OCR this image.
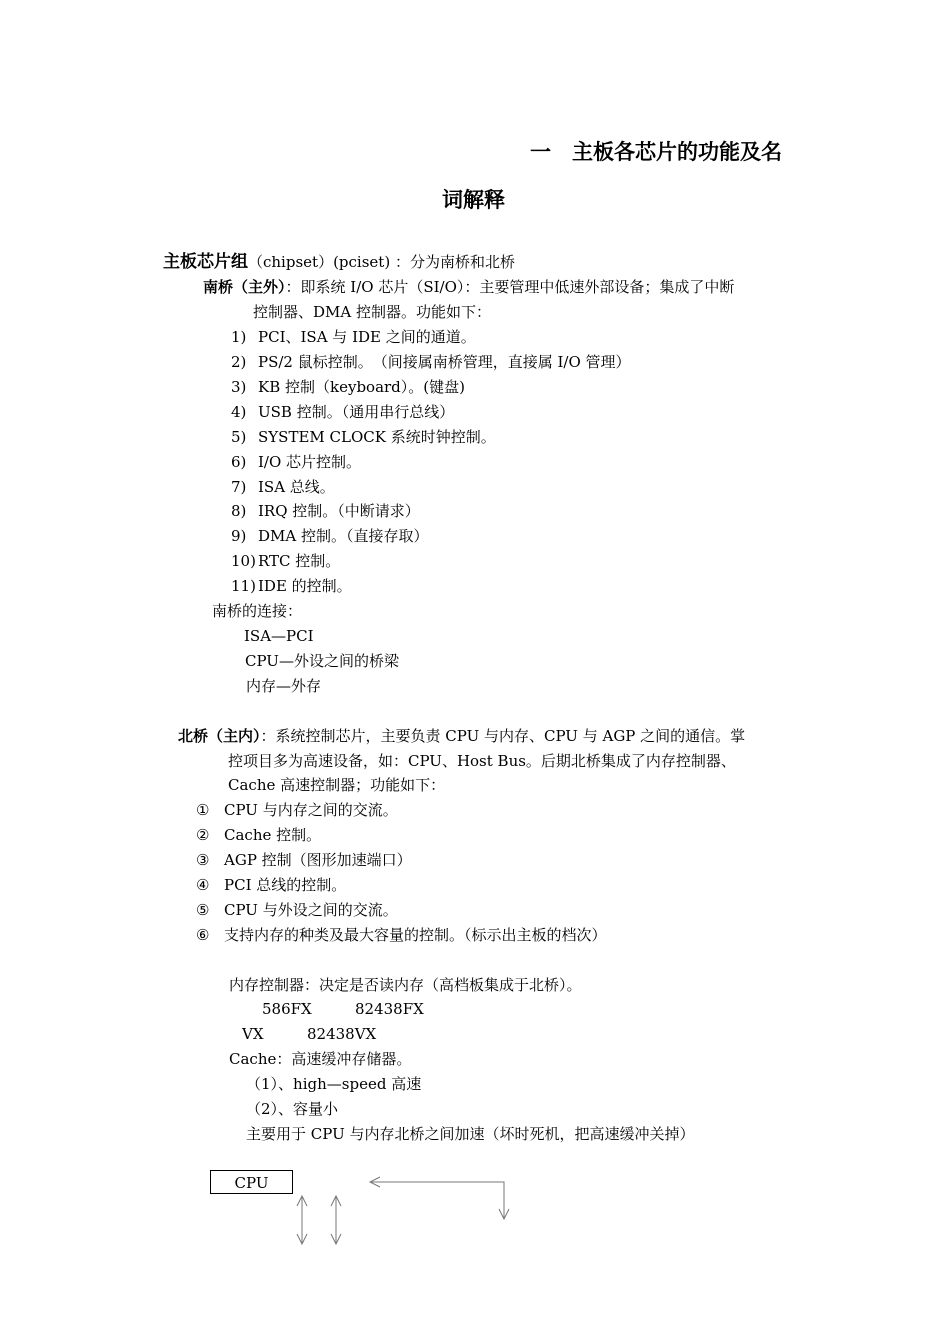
一　主板各芯片的功能及名
词解释
主板芯片组（chipset）(pciset) ：分为南桥和北桥
南桥（主外）：即系统 I/O 芯片（SI/O）：主要管理中低速外部设备；集成了中断
控制器、DMA 控制器。功能如下：
1) PCI、ISA 与 IDE 之间的通道。
2) PS/2 鼠标控制。　（间接属南桥管理，直接属 I/O 管理）
3) KB 控制（keyboard）。(键盘)
4) USB 控制。（通用串行总线）
5) SYSTEM CLOCK 系统时钟控制。
6) I/O 芯片控制。
7) ISA 总线。
8) IRQ 控制。（中断请求）
9) DMA 控制。（直接存取）
10) RTC 控制。
11) IDE 的控制。
南桥的连接：
ISA—PCI
CPU—外设之间的桥梁
内存—外存
北桥（主内）：系统控制芯片，主要负责 CPU 与内存、CPU 与 AGP 之间的通信。掌
控项目多为高速设备，如：CPU、Host Bus。后期北桥集成了内存控制器、
Cache 高速控制器；功能如下：
① CPU 与内存之间的交流。
② Cache 控制。
③ AGP 控制（图形加速端口）
④ PCI 总线的控制。
⑤ CPU 与外设之间的交流。
⑥ 支持内存的种类及最大容量的控制。（标示出主板的档次）
内存控制器：决定是否读内存（高档板集成于北桥）。
586FX	82438FX
VX	82438VX
Cache：高速缓冲存储器。
（1）、high—speed 高速
（2）、容量小
主要用于 CPU 与内存北桥之间加速（坏时死机，把高速缓冲关掉）
CPU
